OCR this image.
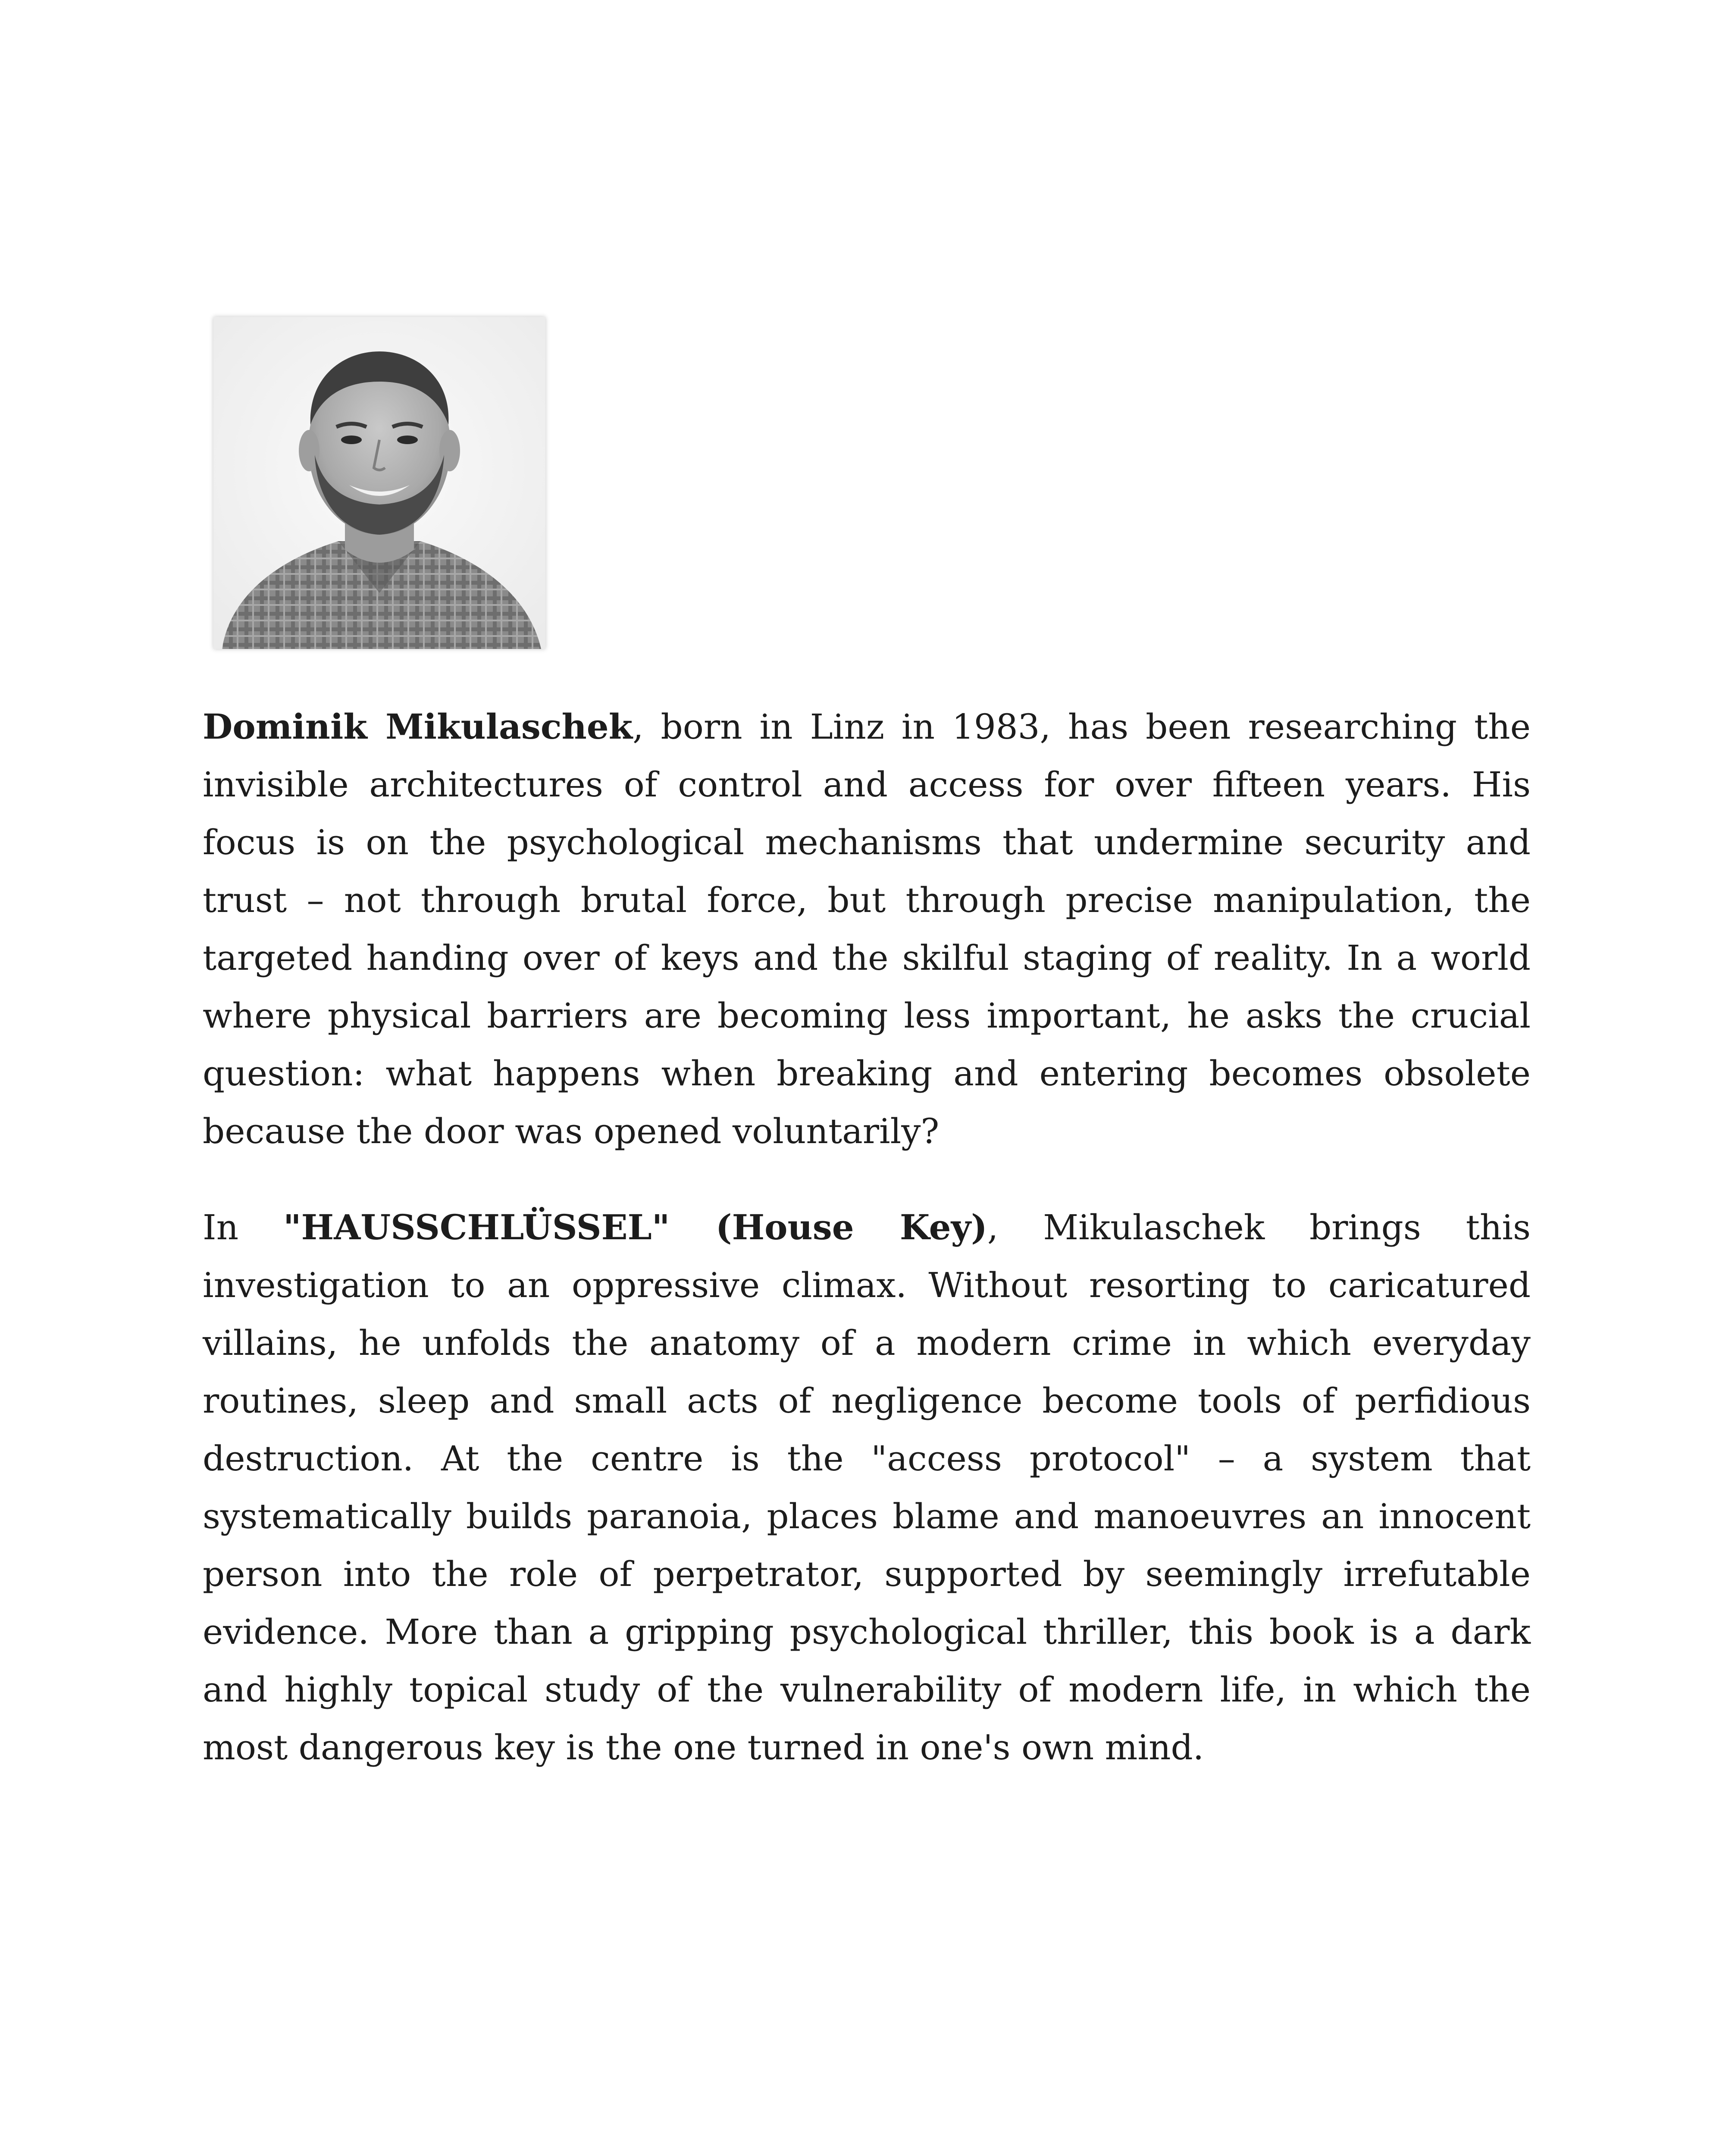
Dominik Mikulaschek, born in Linz in 1983, has been researching the invisible architectures of control and access for over fifteen years. His focus is on the psychological mechanisms that undermine security and trust – not through brutal force, but through precise manipulation, the targeted handing over of keys and the skilful staging of reality. In a world where physical barriers are becoming less important, he asks the crucial question: what happens when breaking and entering becomes obsolete because the door was opened voluntarily?

In "HAUSSCHLÜSSEL" (House Key), Mikulaschek brings this investigation to an oppressive climax. Without resorting to caricatured villains, he unfolds the anatomy of a modern crime in which everyday routines, sleep and small acts of negligence become tools of perfidious destruction. At the centre is the "access protocol" – a system that systematically builds paranoia, places blame and manoeuvres an innocent person into the role of perpetrator, supported by seemingly irrefutable evidence. More than a gripping psychological thriller, this book is a dark and highly topical study of the vulnerability of modern life, in which the most dangerous key is the one turned in one's own mind.
